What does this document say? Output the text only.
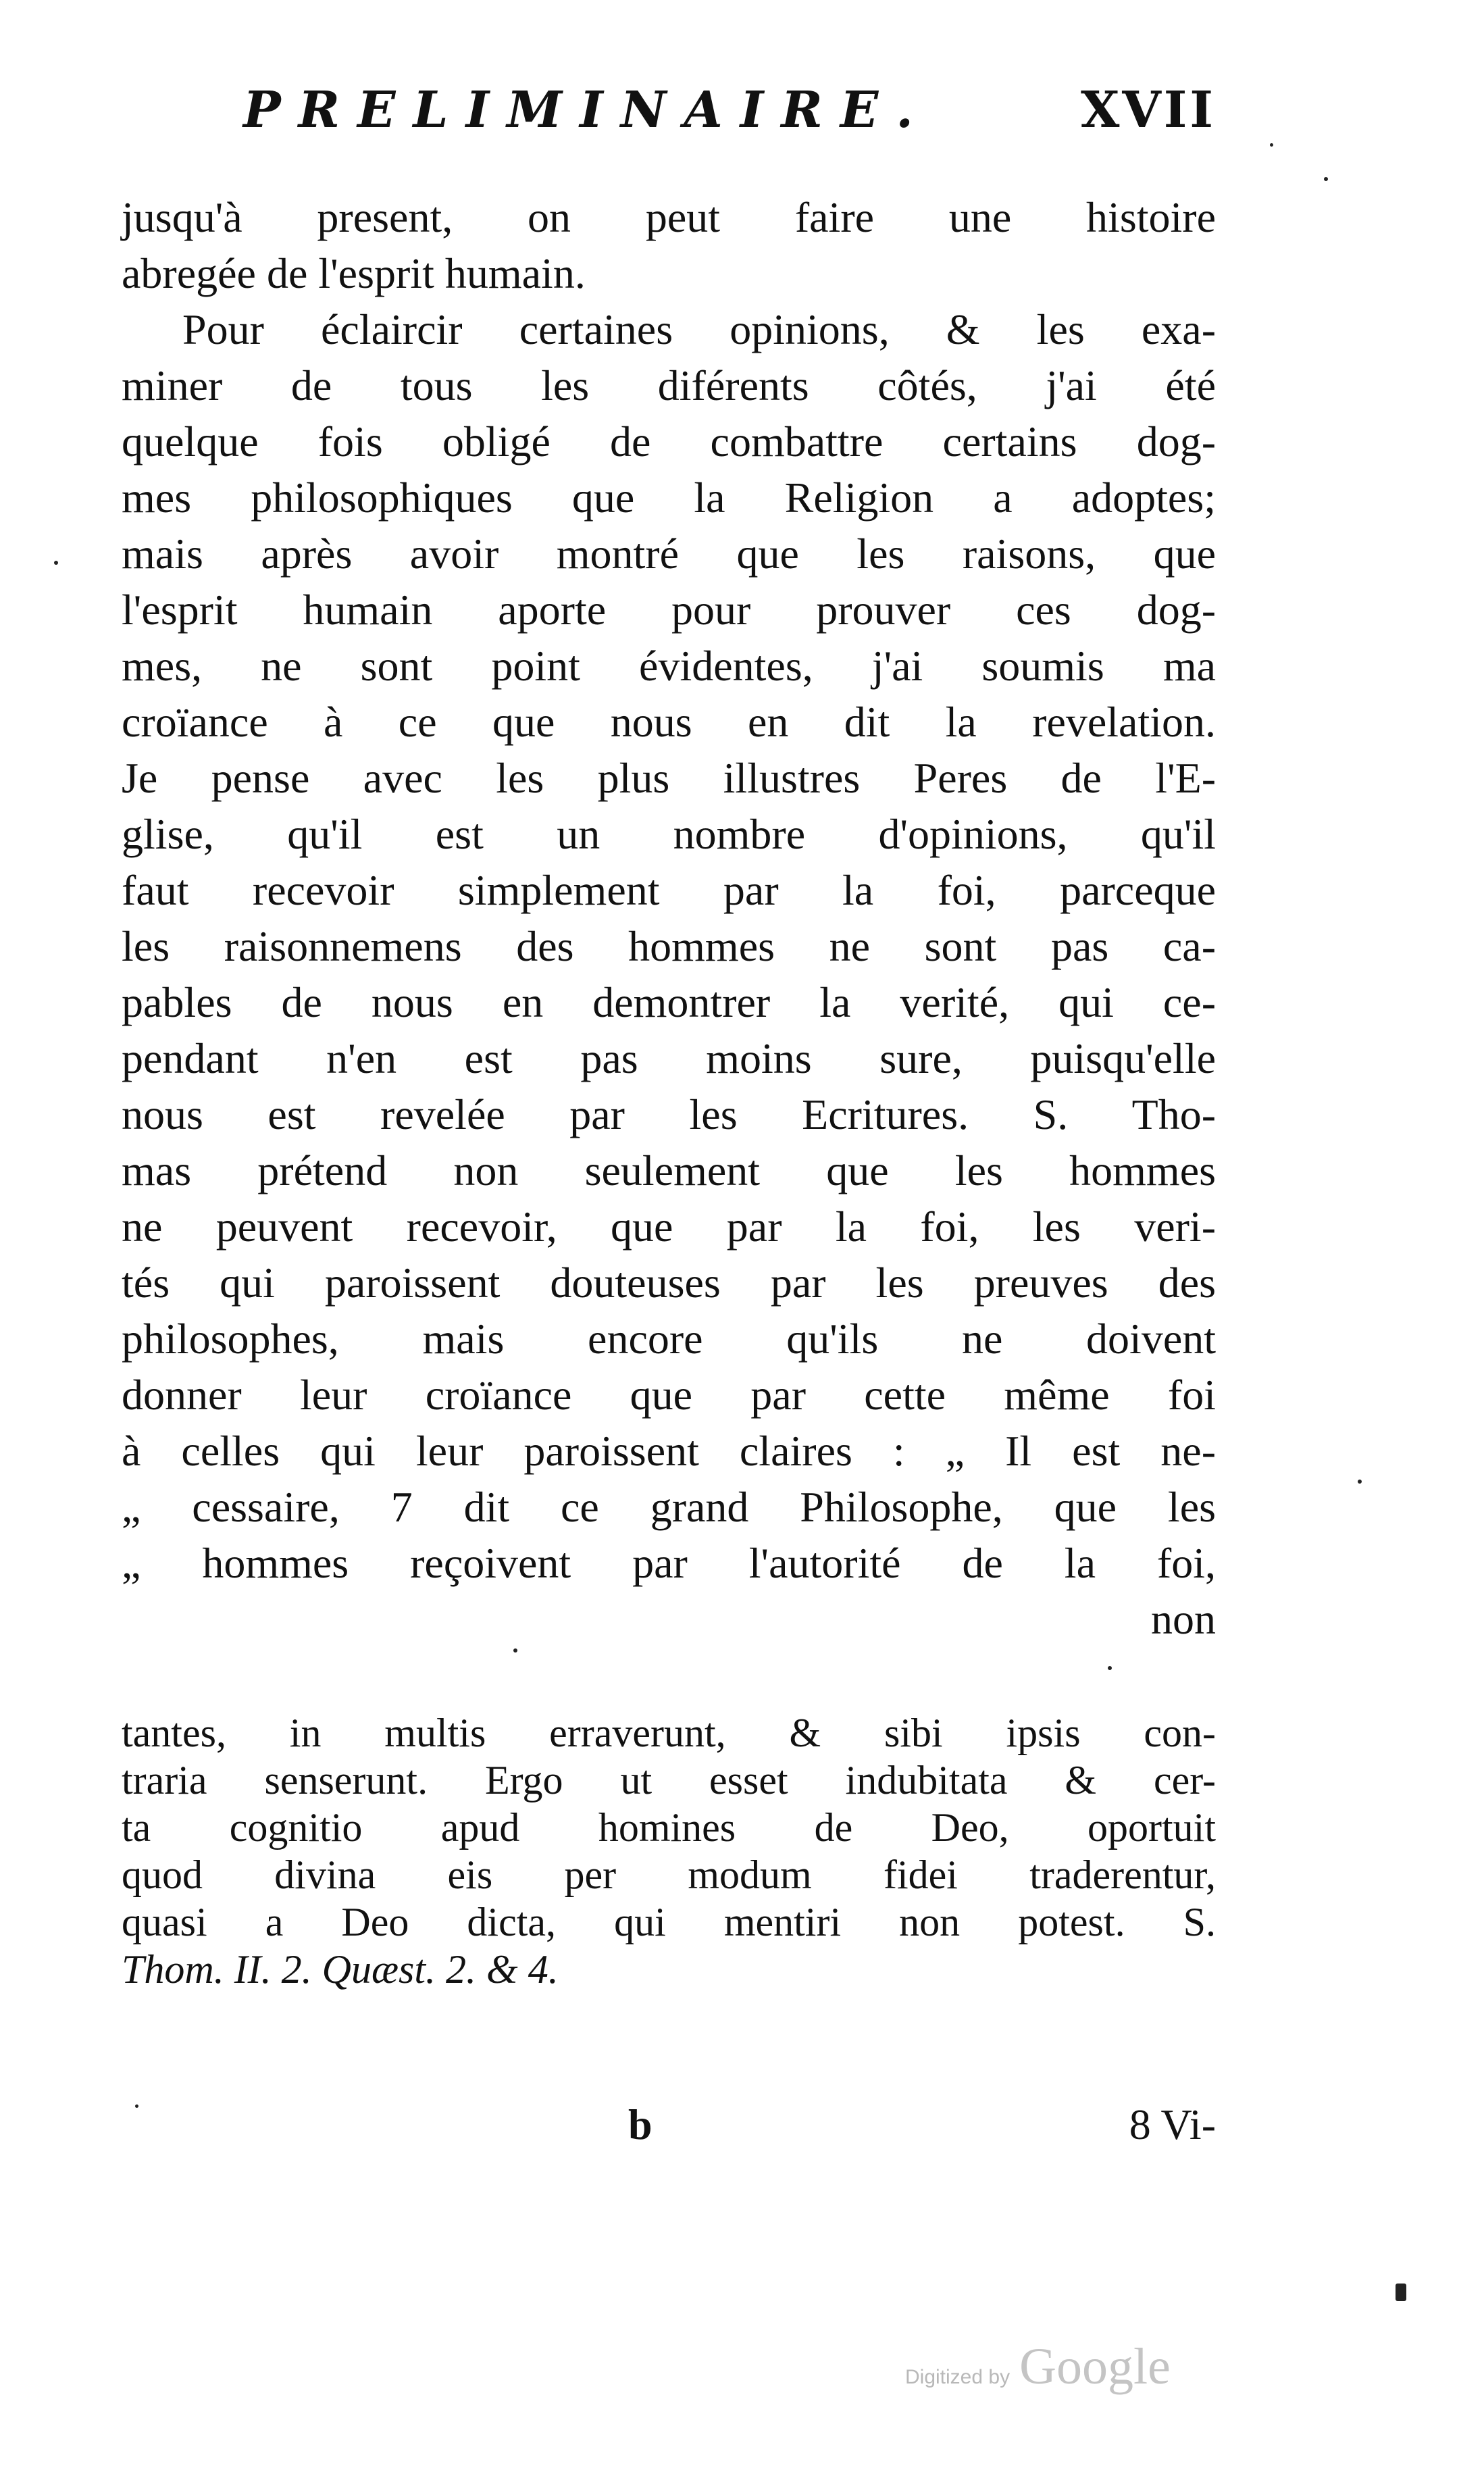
PRELIMINAIRE.	XVII
jusqu'à present, on peut faire une histoire
abregée de l'esprit humain.
Pour éclaircir certaines opinions, & les exa-
miner de tous les diférents côtés, j'ai été
quelque fois obligé de combattre certains dog-
mes philosophiques que la Religion a adoptes;
mais après avoir montré que les raisons, que
l'esprit humain aporte pour prouver ces dog-
mes, ne sont point évidentes, j'ai soumis ma
croïance à ce que nous en dit la revelation.
Je pense avec les plus illustres Peres de l'E-
glise, qu'il est un nombre d'opinions, qu'il
faut recevoir simplement par la foi, parceque
les raisonnemens des hommes ne sont pas ca-
pables de nous en demontrer la verité, qui ce-
pendant n'en est pas moins sure, puisqu'elle
nous est revelée par les Ecritures. S. Tho-
mas prétend non seulement que les hommes
ne peuvent recevoir, que par la foi, les veri-
tés qui paroissent douteuses par les preuves des
philosophes, mais encore qu'ils ne doivent
donner leur croïance que par cette même foi
à celles qui leur paroissent claires : „ Il est ne-
„ cessaire, 7 dit ce grand Philosophe, que les
„ hommes reçoivent par l'autorité de la foi,
non
tantes, in multis erraverunt, & sibi ipsis con-
traria senserunt. Ergo ut esset indubitata & cer-
ta cognitio apud homines de Deo, oportuit
quod divina eis per modum fidei traderentur,
quasi a Deo dicta, qui mentiri non potest. S.
Thom. II. 2. Quæst. 2. & 4.
b	8 Vi-
Digitized by Google
